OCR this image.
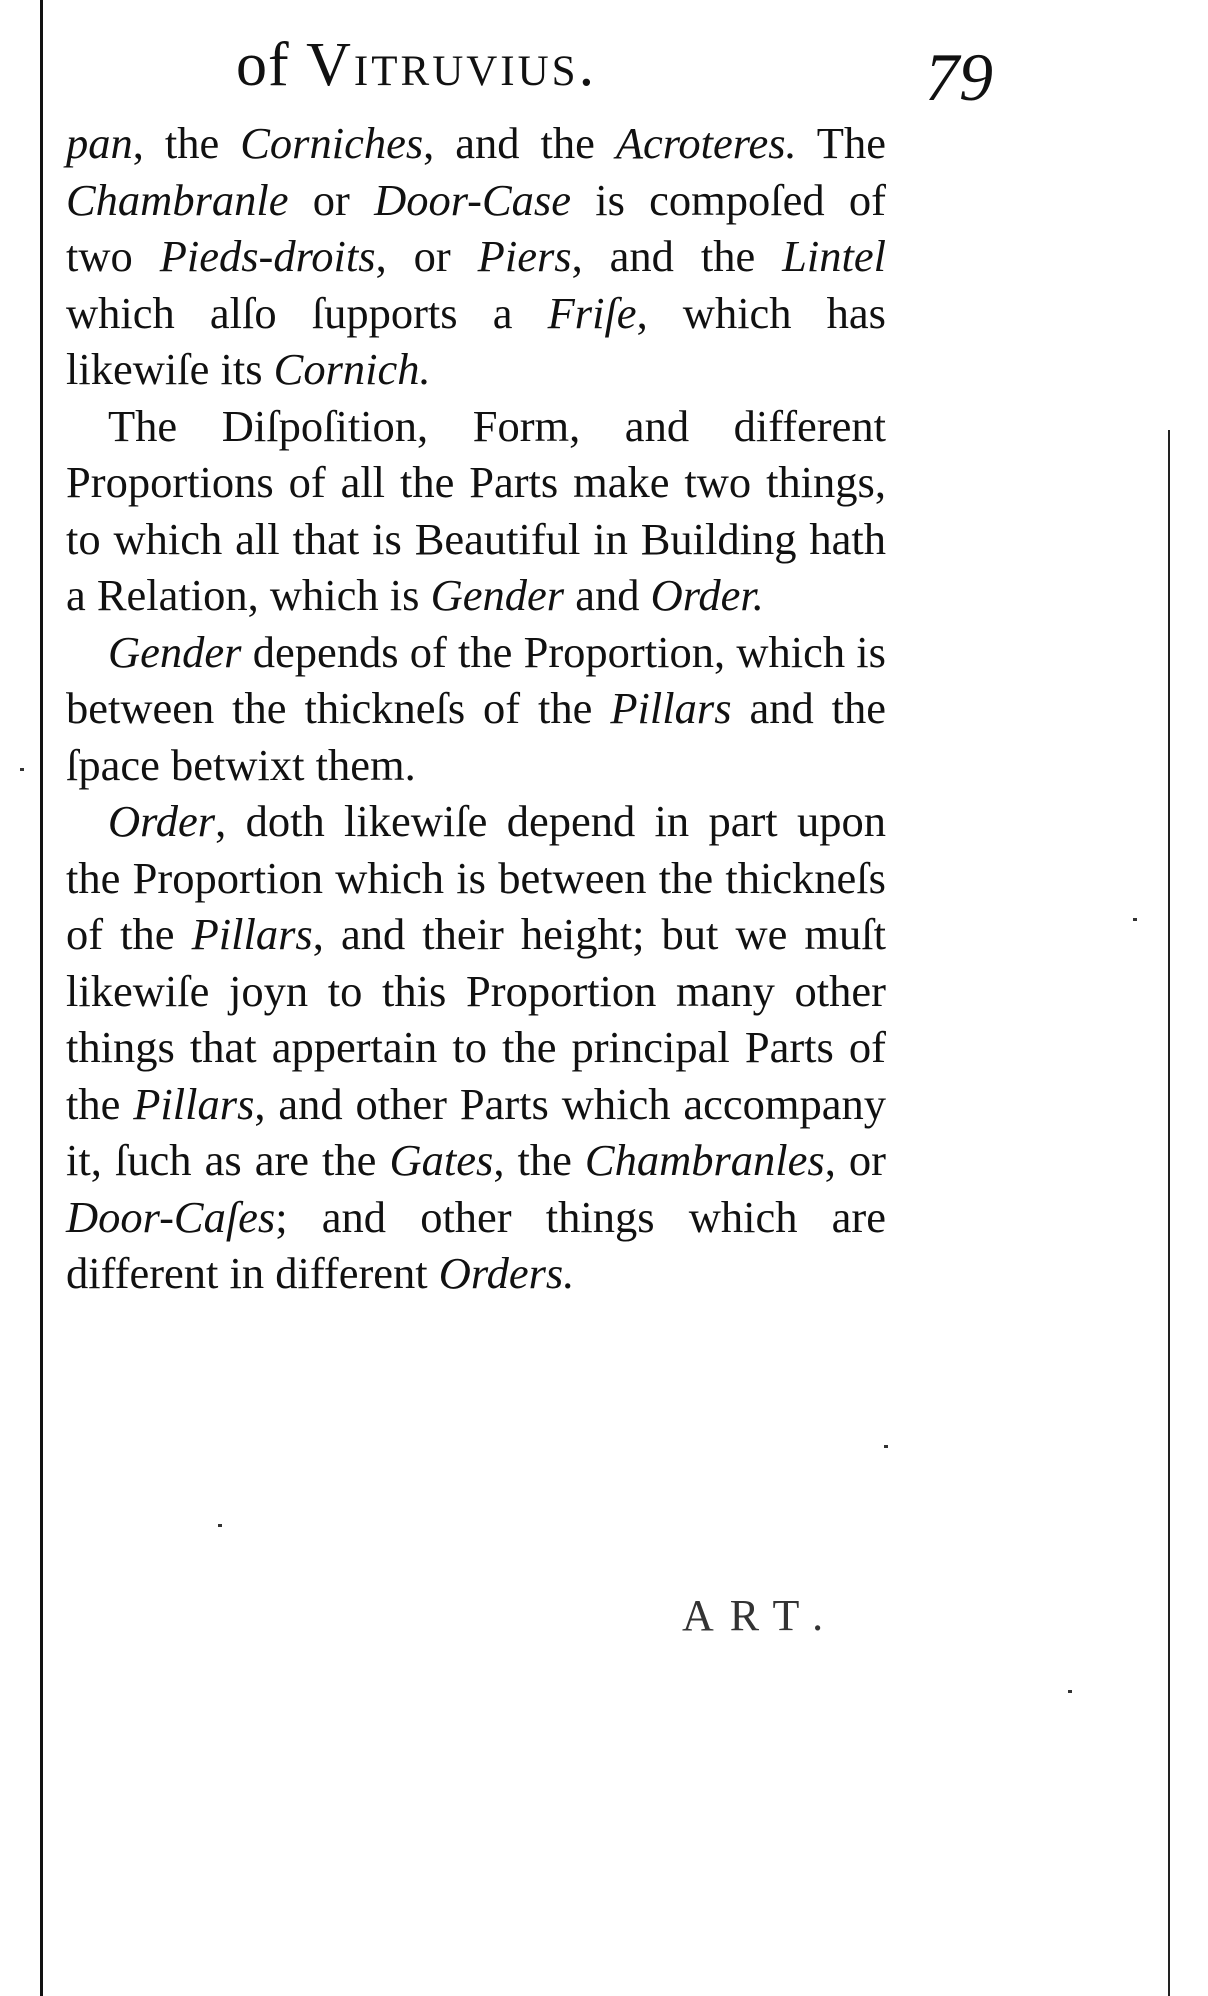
of Vitruvius.	79

pan, the Corniches, and the Acroteres. The Chambranle or Door-Case is compoſed of two Pieds-droits, or Piers, and the Lintel which alſo ſupports a Friſe, which has likewiſe its Cornich.

The Diſpoſition, Form, and different Proportions of all the Parts make two things, to which all that is Beautiful in Building hath a Relation, which is Gender and Order.

Gender depends of the Proportion, which is between the thickneſs of the Pillars and the ſpace betwixt them.

Order, doth likewiſe depend in part upon the Proportion which is between the thickneſs of the Pillars, and their height; but we muſt likewiſe joyn to this Proportion many other things that appertain to the principal Parts of the Pillars, and other Parts which accompany it, ſuch as are the Gates, the Chambranles, or Door-Caſes; and other things which are different in different Orders.

ART.
